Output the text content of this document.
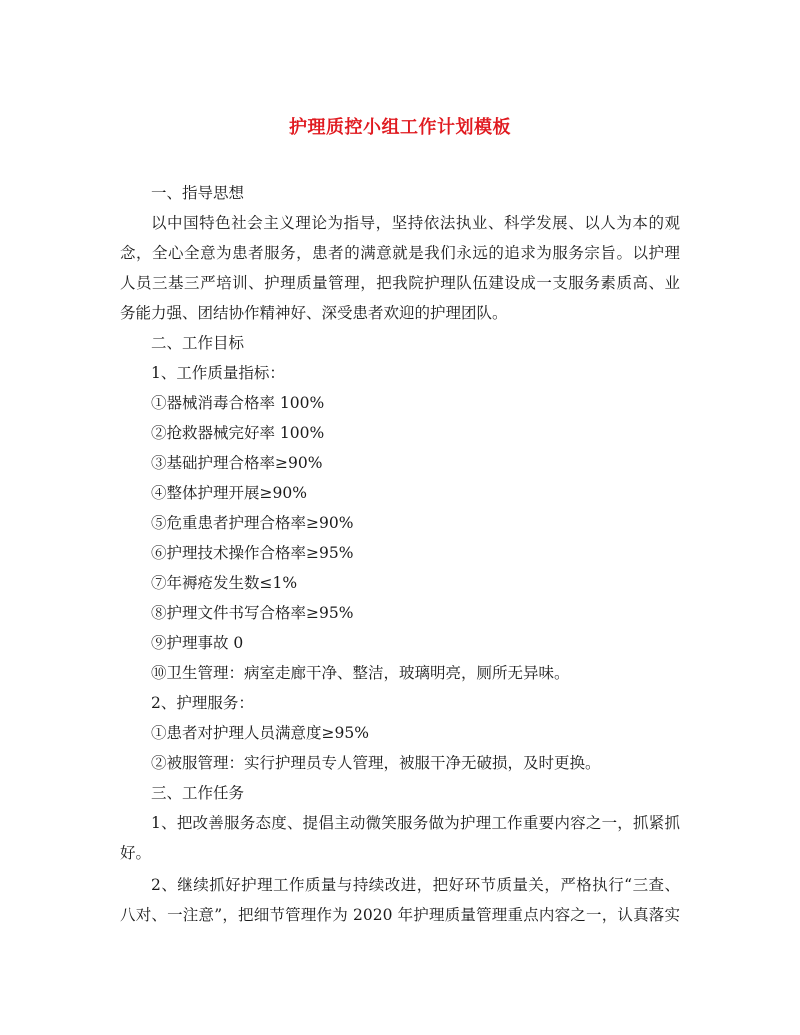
护理质控小组工作计划模板
一、指导思想
以中国特色社会主义理论为指导，坚持依法执业、科学发展、以人为本的观
念，全心全意为患者服务，患者的满意就是我们永远的追求为服务宗旨。以护理
人员三基三严培训、护理质量管理，把我院护理队伍建设成一支服务素质高、业
务能力强、团结协作精神好、深受患者欢迎的护理团队。
二、工作目标
1、工作质量指标：
①器械消毒合格率 100%
②抢救器械完好率 100%
③基础护理合格率≥90%
④整体护理开展≥90%
⑤危重患者护理合格率≥90%
⑥护理技术操作合格率≥95%
⑦年褥疮发生数≤1%
⑧护理文件书写合格率≥95%
⑨护理事故 0
⑩卫生管理：病室走廊干净、整洁，玻璃明亮，厕所无异味。
2、护理服务：
①患者对护理人员满意度≥95%
②被服管理：实行护理员专人管理，被服干净无破损，及时更换。
三、工作任务
1、把改善服务态度、提倡主动微笑服务做为护理工作重要内容之一，抓紧抓
好。
2、继续抓好护理工作质量与持续改进，把好环节质量关，严格执行“三查、
八对、一注意”，把细节管理作为 2020 年护理质量管理重点内容之一，认真落实
